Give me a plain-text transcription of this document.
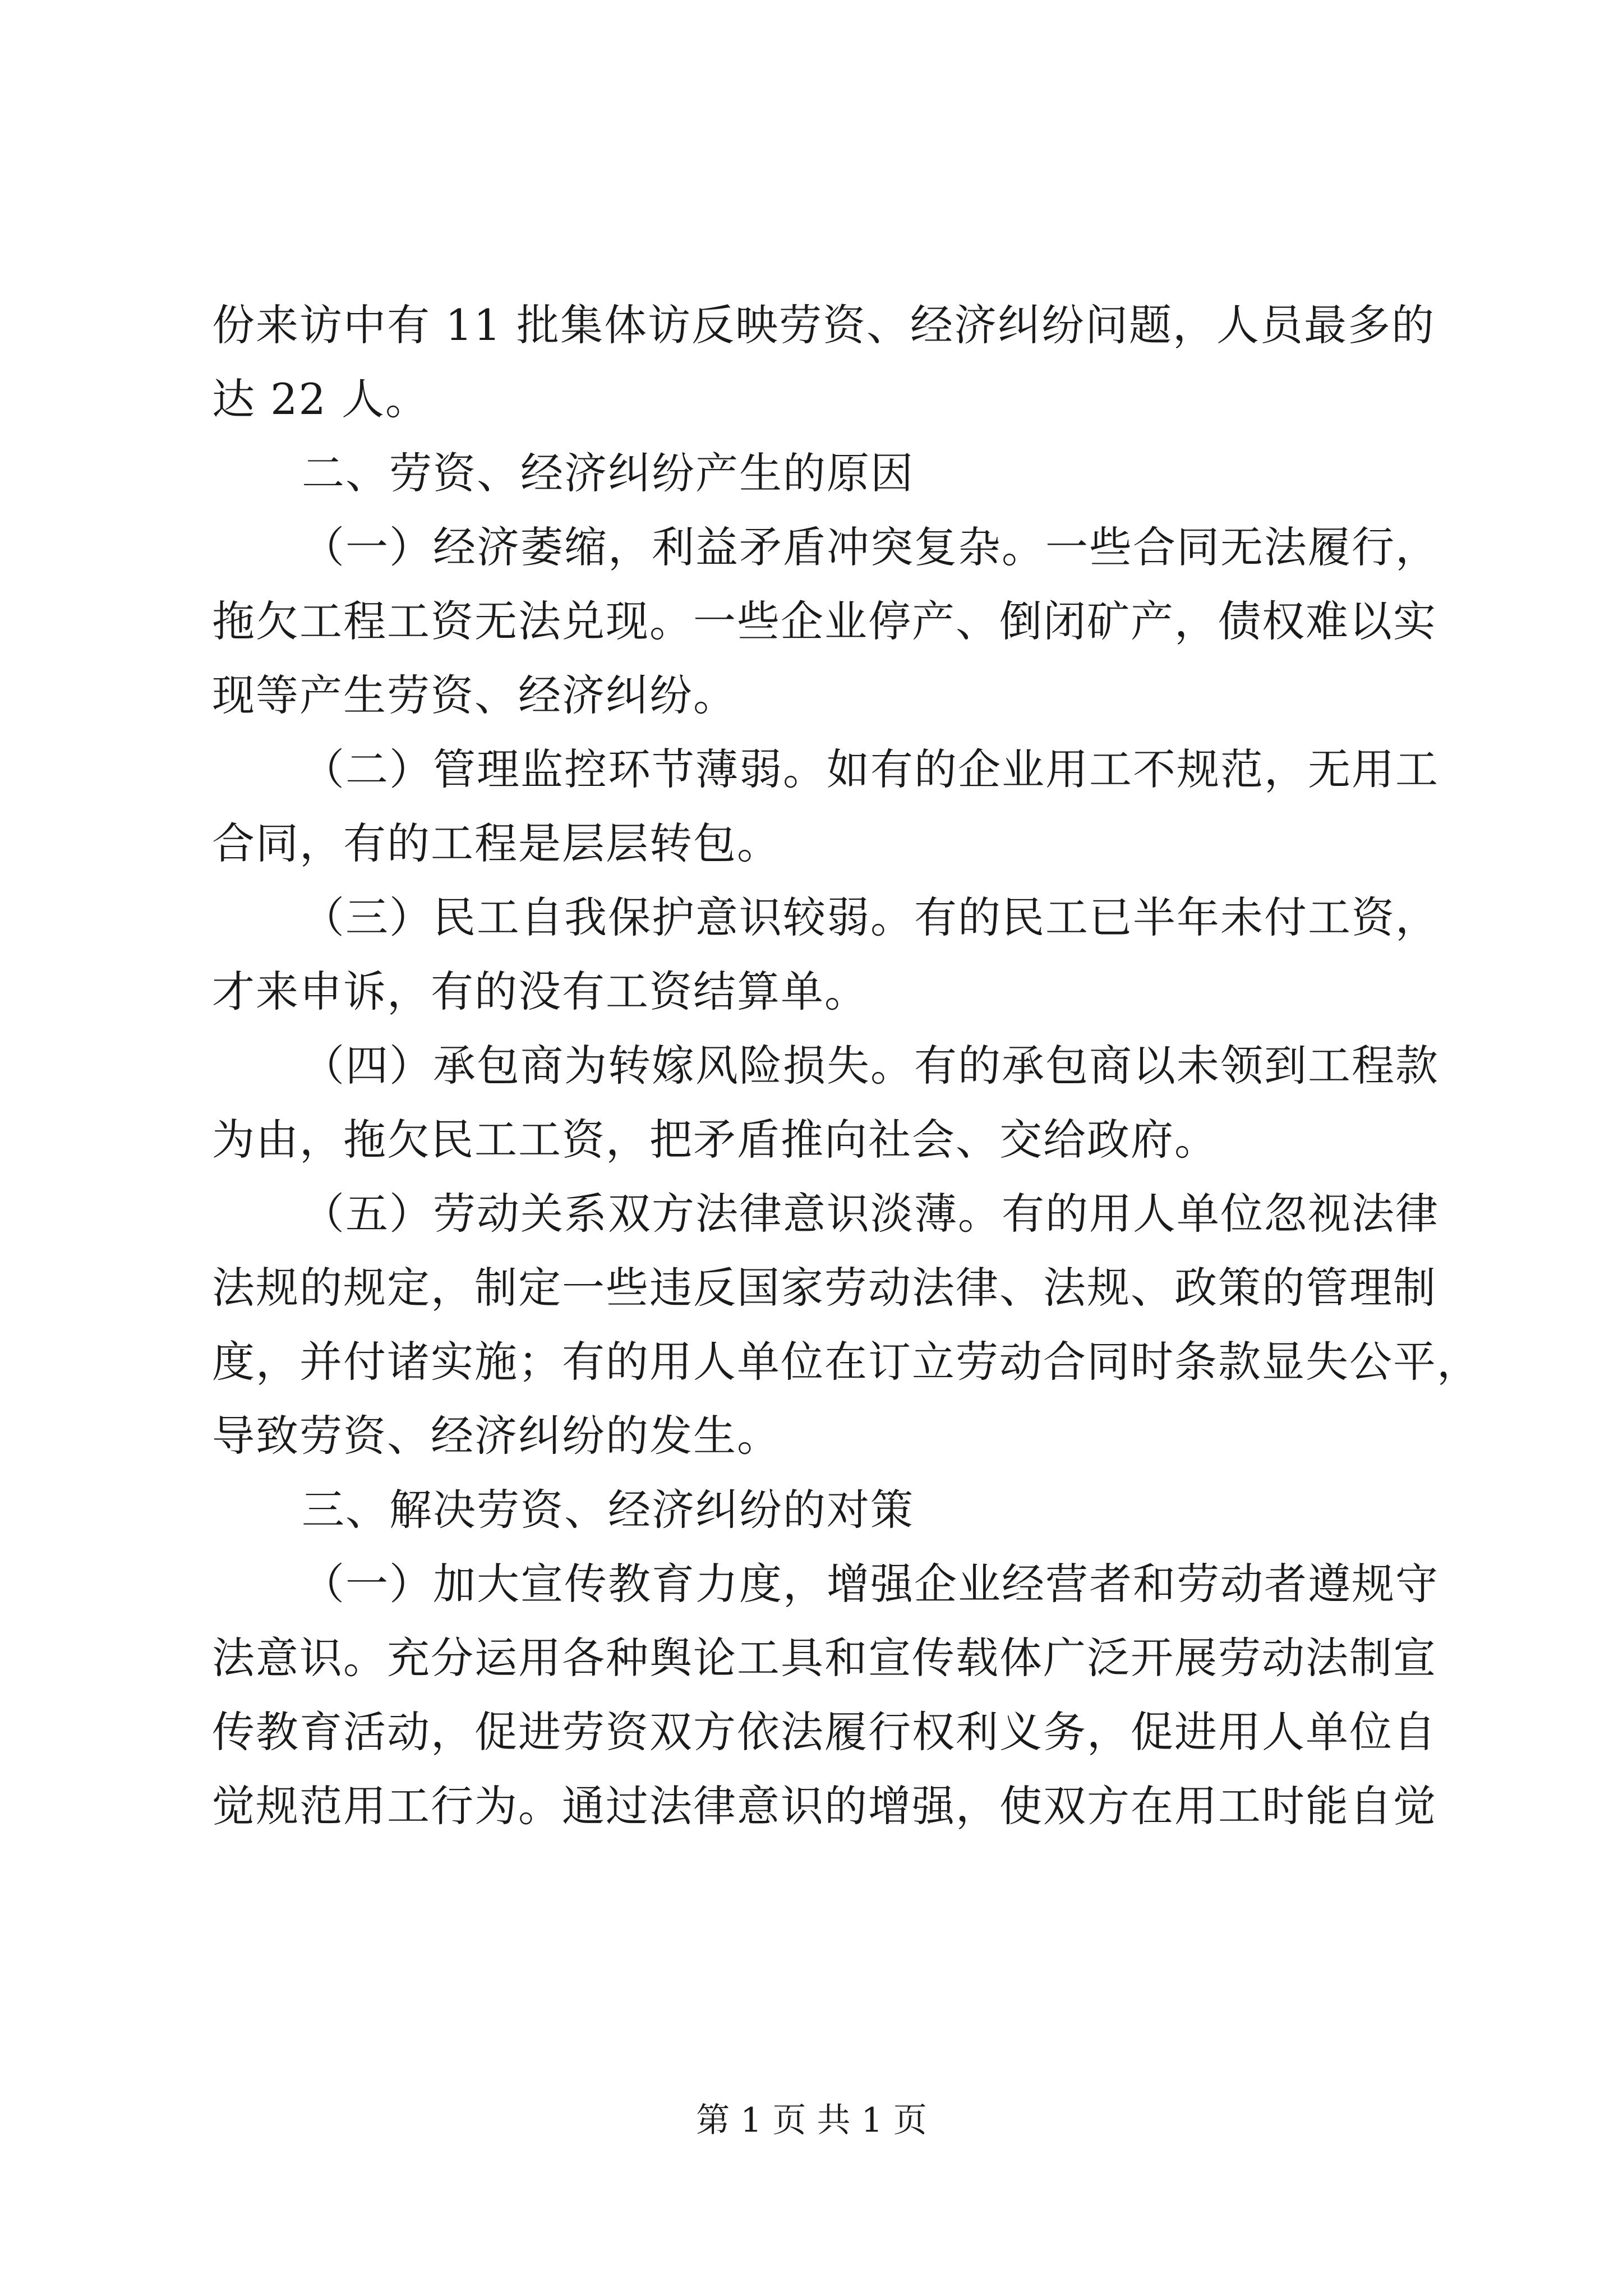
份来访中有 11 批集体访反映劳资、经济纠纷问题，人员最多的
达 22 人。
二、劳资、经济纠纷产生的原因
（一）经济萎缩，利益矛盾冲突复杂。一些合同无法履行，
拖欠工程工资无法兑现。一些企业停产、倒闭矿产，债权难以实
现等产生劳资、经济纠纷。
（二）管理监控环节薄弱。如有的企业用工不规范，无用工
合同，有的工程是层层转包。
（三）民工自我保护意识较弱。有的民工已半年未付工资，
才来申诉，有的没有工资结算单。
（四）承包商为转嫁风险损失。有的承包商以未领到工程款
为由，拖欠民工工资，把矛盾推向社会、交给政府。
（五）劳动关系双方法律意识淡薄。有的用人单位忽视法律
法规的规定，制定一些违反国家劳动法律、法规、政策的管理制
度，并付诸实施；有的用人单位在订立劳动合同时条款显失公平，
导致劳资、经济纠纷的发生。
三、解决劳资、经济纠纷的对策
（一）加大宣传教育力度，增强企业经营者和劳动者遵规守
法意识。充分运用各种舆论工具和宣传载体广泛开展劳动法制宣
传教育活动，促进劳资双方依法履行权利义务，促进用人单位自
觉规范用工行为。通过法律意识的增强，使双方在用工时能自觉
第 1 页 共 1 页
